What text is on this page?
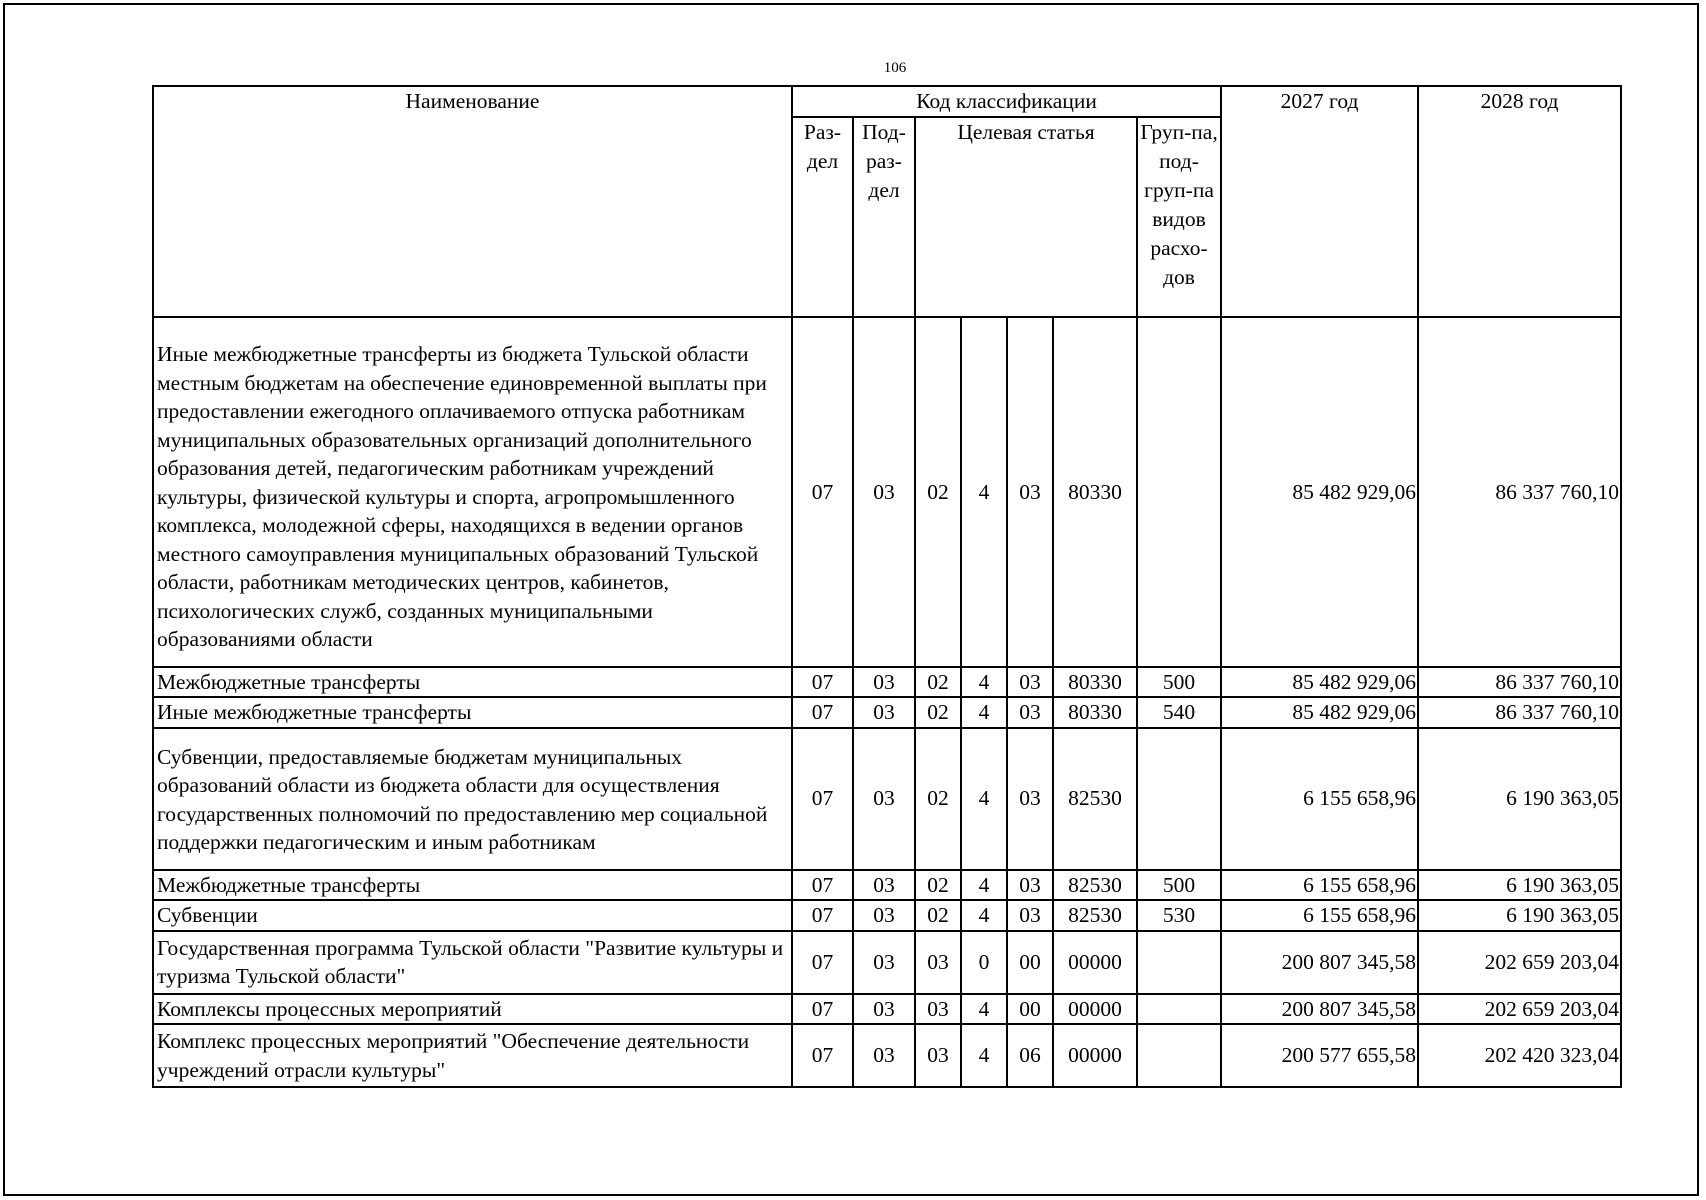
106
Наименование	Код классификации							2027 год	2028 год
	Раз-дел	Под-раз-дел	Целевая статья				Груп-па, под-груп-па видов расхо-дов		
Иные межбюджетные трансферты из бюджета Тульской области местным бюджетам на обеспечение единовременной выплаты при предоставлении ежегодного оплачиваемого отпуска работникам муниципальных образовательных организаций дополнительного образования детей, педагогическим работникам учреждений культуры, физической культуры и спорта, агропромышленного комплекса, молодежной сферы, находящихся в ведении органов местного самоуправления муниципальных образований Тульской области, работникам методических центров, кабинетов, психологических служб, созданных муниципальными образованиями области	07	03	02	4	03	80330		85 482 929,06	86 337 760,10
Межбюджетные трансферты	07	03	02	4	03	80330	500	85 482 929,06	86 337 760,10
Иные межбюджетные трансферты	07	03	02	4	03	80330	540	85 482 929,06	86 337 760,10
Субвенции, предоставляемые бюджетам муниципальных образований области из бюджета области для осуществления государственных полномочий по предоставлению мер социальной поддержки педагогическим и иным работникам	07	03	02	4	03	82530		6 155 658,96	6 190 363,05
Межбюджетные трансферты	07	03	02	4	03	82530	500	6 155 658,96	6 190 363,05
Субвенции	07	03	02	4	03	82530	530	6 155 658,96	6 190 363,05
Государственная программа Тульской области "Развитие культуры и туризма Тульской области"	07	03	03	0	00	00000		200 807 345,58	202 659 203,04
Комплексы процессных мероприятий	07	03	03	4	00	00000		200 807 345,58	202 659 203,04
Комплекс процессных мероприятий "Обеспечение деятельности учреждений отрасли культуры"	07	03	03	4	06	00000		200 577 655,58	202 420 323,04
